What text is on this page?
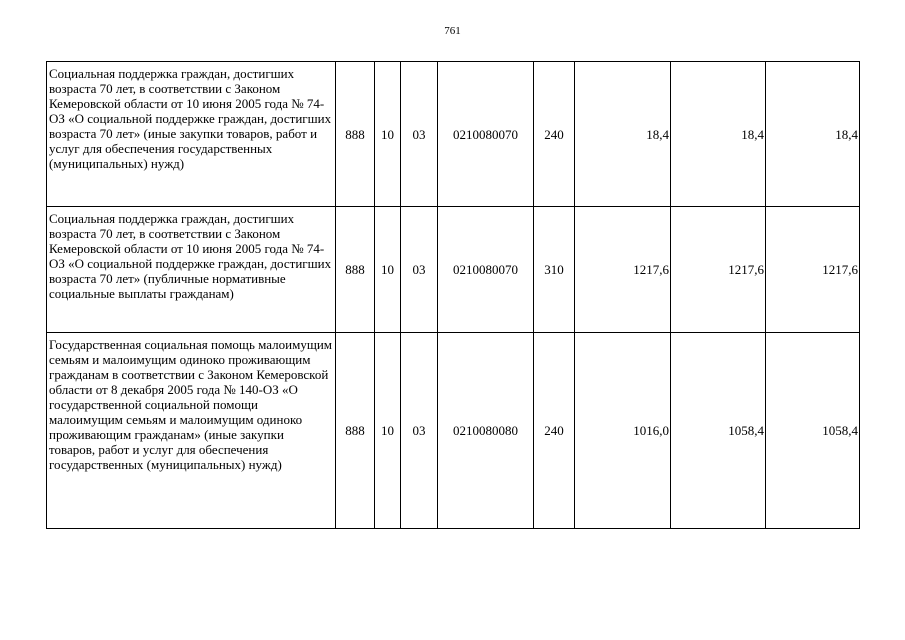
761
Социальная поддержка граждан, достигших возраста 70 лет, в соответствии с Законом Кемеровской области от 10 июня 2005 года № 74-ОЗ «О социальной поддержке граждан, достигших возраста 70 лет» (иные закупки товаров, работ и услуг для обеспечения государственных (муниципальных) нужд)	888	10	03	0210080070	240	18,4	18,4	18,4
Социальная поддержка граждан, достигших возраста 70 лет, в соответствии с Законом Кемеровской области от 10 июня 2005 года № 74-ОЗ «О социальной поддержке граждан, достигших возраста 70 лет» (публичные нормативные социальные выплаты гражданам)	888	10	03	0210080070	310	1217,6	1217,6	1217,6
Государственная социальная помощь малоимущим семьям и малоимущим одиноко проживающим гражданам в соответствии с Законом Кемеровской области от 8 декабря 2005 года № 140-ОЗ «О государственной социальной помощи малоимущим семьям и малоимущим одиноко проживающим гражданам» (иные закупки товаров, работ и услуг для обеспечения государственных (муниципальных) нужд)	888	10	03	0210080080	240	1016,0	1058,4	1058,4
